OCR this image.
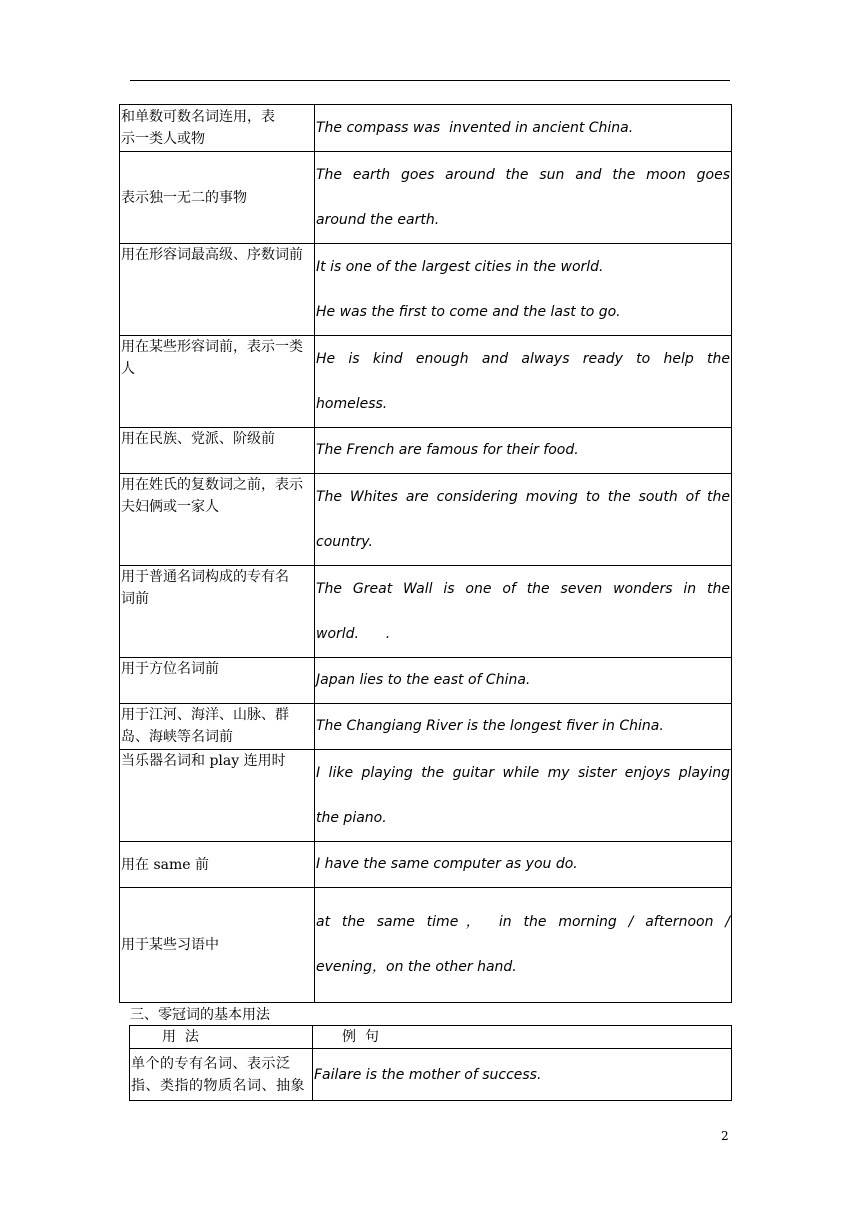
和单数可数名词连用，表
示一类人或物	The compass was  invented in ancient China.

表示独一无二的事物	The earth goes around the sun and the moon goes
around the earth.

用在形容词最高级、序数词前	It is one of the largest cities in the world.
He was the first to come and the last to go.

用在某些形容词前，表示一类
人	He is kind enough and always ready to help the
homeless.

用在民族、党派、阶级前	The French are famous for their food.

用在姓氏的复数词之前，表示
夫妇俩或一家人	The Whites are considering moving to the south of the
country.

用于普通名词构成的专有名
词前	The Great Wall is one of the seven wonders in the
world.      .

用于方位名词前	Japan lies to the east of China.

用于江河、海洋、山脉、群
岛、海峡等名词前	The Changiang River is the longest fiver in China.

当乐器名词和 play 连用时	I like playing the guitar while my sister enjoys playing
the piano.

用在 same 前	I have the same computer as you do.

用于某些习语中	at the same time， in the morning / afternoon /
evening，on the other hand.
三、零冠词的基本用法
用  法	例  句

单个的专有名词、表示泛
指、类指的物质名词、抽象	Failare is the mother of success.
2
